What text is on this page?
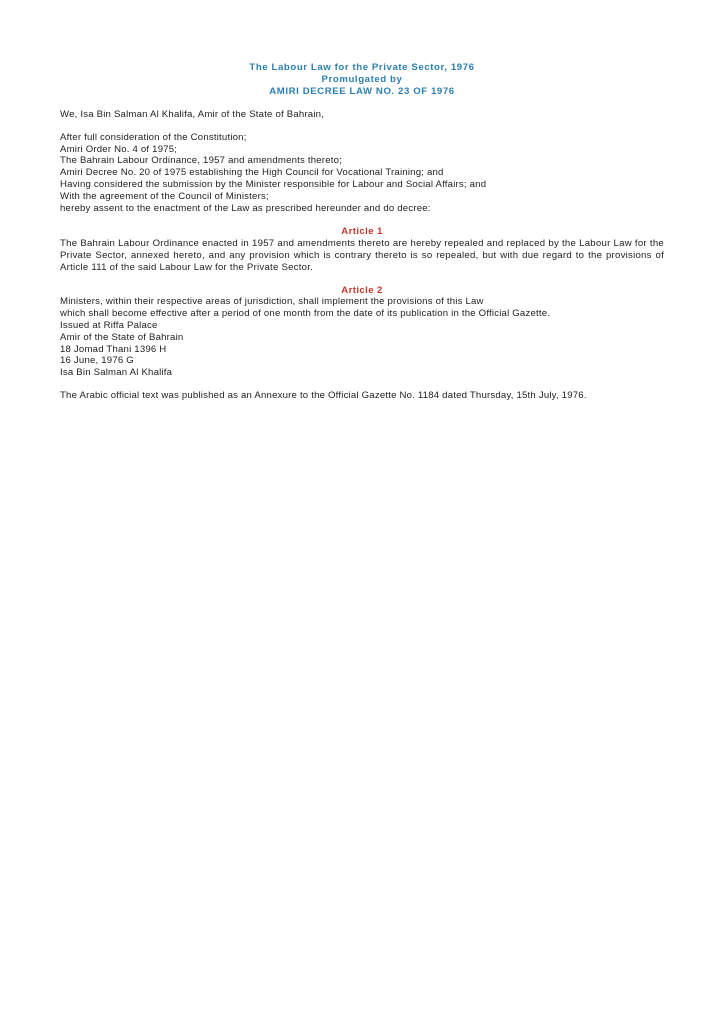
The Labour Law for the Private Sector, 1976
Promulgated by
AMIRI DECREE LAW NO. 23 OF 1976
We, Isa Bin Salman Al Khalifa, Amir of the State of Bahrain,
After full consideration of the Constitution;
Amiri Order No. 4 of 1975;
The Bahrain Labour Ordinance, 1957 and amendments thereto;
Amiri Decree No. 20 of 1975 establishing the High Council for Vocational Training; and
Having considered the submission by the Minister responsible for Labour and Social Affairs; and
With the agreement of the Council of Ministers;
hereby assent to the enactment of the Law as prescribed hereunder and do decree:
Article 1
The Bahrain Labour Ordinance enacted in 1957 and amendments thereto are hereby repealed and replaced by the Labour Law for the Private Sector, annexed hereto, and any provision which is contrary thereto is so repealed, but with due regard to the provisions of Article 111 of the said Labour Law for the Private Sector.
Article 2
Ministers, within their respective areas of jurisdiction, shall implement the provisions of this Law
which shall become effective after a period of one month from the date of its publication in the Official Gazette.
Issued at Riffa Palace
Amir of the State of Bahrain
18 Jomad Thani 1396 H
16 June, 1976 G
Isa Bin Salman Al Khalifa
The Arabic official text was published as an Annexure to the Official Gazette No. 1184 dated Thursday, 15th July, 1976.
